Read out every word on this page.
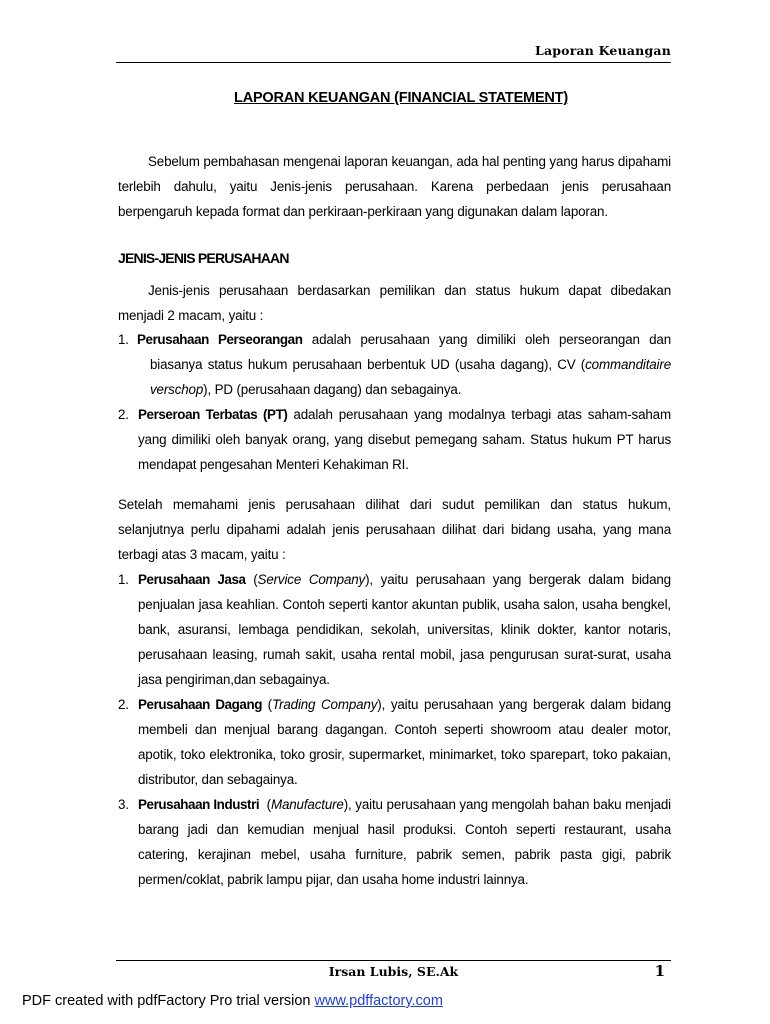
Laporan Keuangan
LAPORAN KEUANGAN (FINANCIAL STATEMENT)
Sebelum pembahasan mengenai laporan keuangan, ada hal penting yang harus dipahami terlebih dahulu, yaitu Jenis-jenis perusahaan. Karena perbedaan jenis perusahaan berpengaruh kepada format dan perkiraan-perkiraan yang digunakan dalam laporan.
JENIS-JENIS PERUSAHAAN
Jenis-jenis perusahaan berdasarkan pemilikan dan status hukum dapat dibedakan menjadi 2 macam, yaitu :
1. Perusahaan Perseorangan adalah perusahaan yang dimiliki oleh perseorangan dan biasanya status hukum perusahaan berbentuk UD (usaha dagang), CV (commanditaire verschop), PD (perusahaan dagang) dan sebagainya.
2. Perseroan Terbatas (PT) adalah perusahaan yang modalnya terbagi atas saham-saham yang dimiliki oleh banyak orang, yang disebut pemegang saham. Status hukum PT harus mendapat pengesahan Menteri Kehakiman RI.
Setelah memahami jenis perusahaan dilihat dari sudut pemilikan dan status hukum, selanjutnya perlu dipahami adalah jenis perusahaan dilihat dari bidang usaha, yang mana terbagi atas 3 macam, yaitu :
1. Perusahaan Jasa (Service Company), yaitu perusahaan yang bergerak dalam bidang penjualan jasa keahlian. Contoh seperti kantor akuntan publik, usaha salon, usaha bengkel, bank, asuransi, lembaga pendidikan, sekolah, universitas, klinik dokter, kantor notaris, perusahaan leasing, rumah sakit, usaha rental mobil, jasa pengurusan surat-surat, usaha jasa pengiriman,dan sebagainya.
2. Perusahaan Dagang (Trading Company), yaitu perusahaan yang bergerak dalam bidang membeli dan menjual barang dagangan. Contoh seperti showroom atau dealer motor, apotik, toko elektronika, toko grosir, supermarket, minimarket, toko sparepart, toko pakaian, distributor, dan sebagainya.
3. Perusahaan Industri  (Manufacture), yaitu perusahaan yang mengolah bahan baku menjadi barang jadi dan kemudian menjual hasil produksi. Contoh seperti restaurant, usaha catering, kerajinan mebel, usaha furniture, pabrik semen, pabrik pasta gigi, pabrik permen/coklat, pabrik lampu pijar, dan usaha home industri lainnya.
Irsan Lubis, SE.Ak	1
PDF created with pdfFactory Pro trial version www.pdffactory.com
